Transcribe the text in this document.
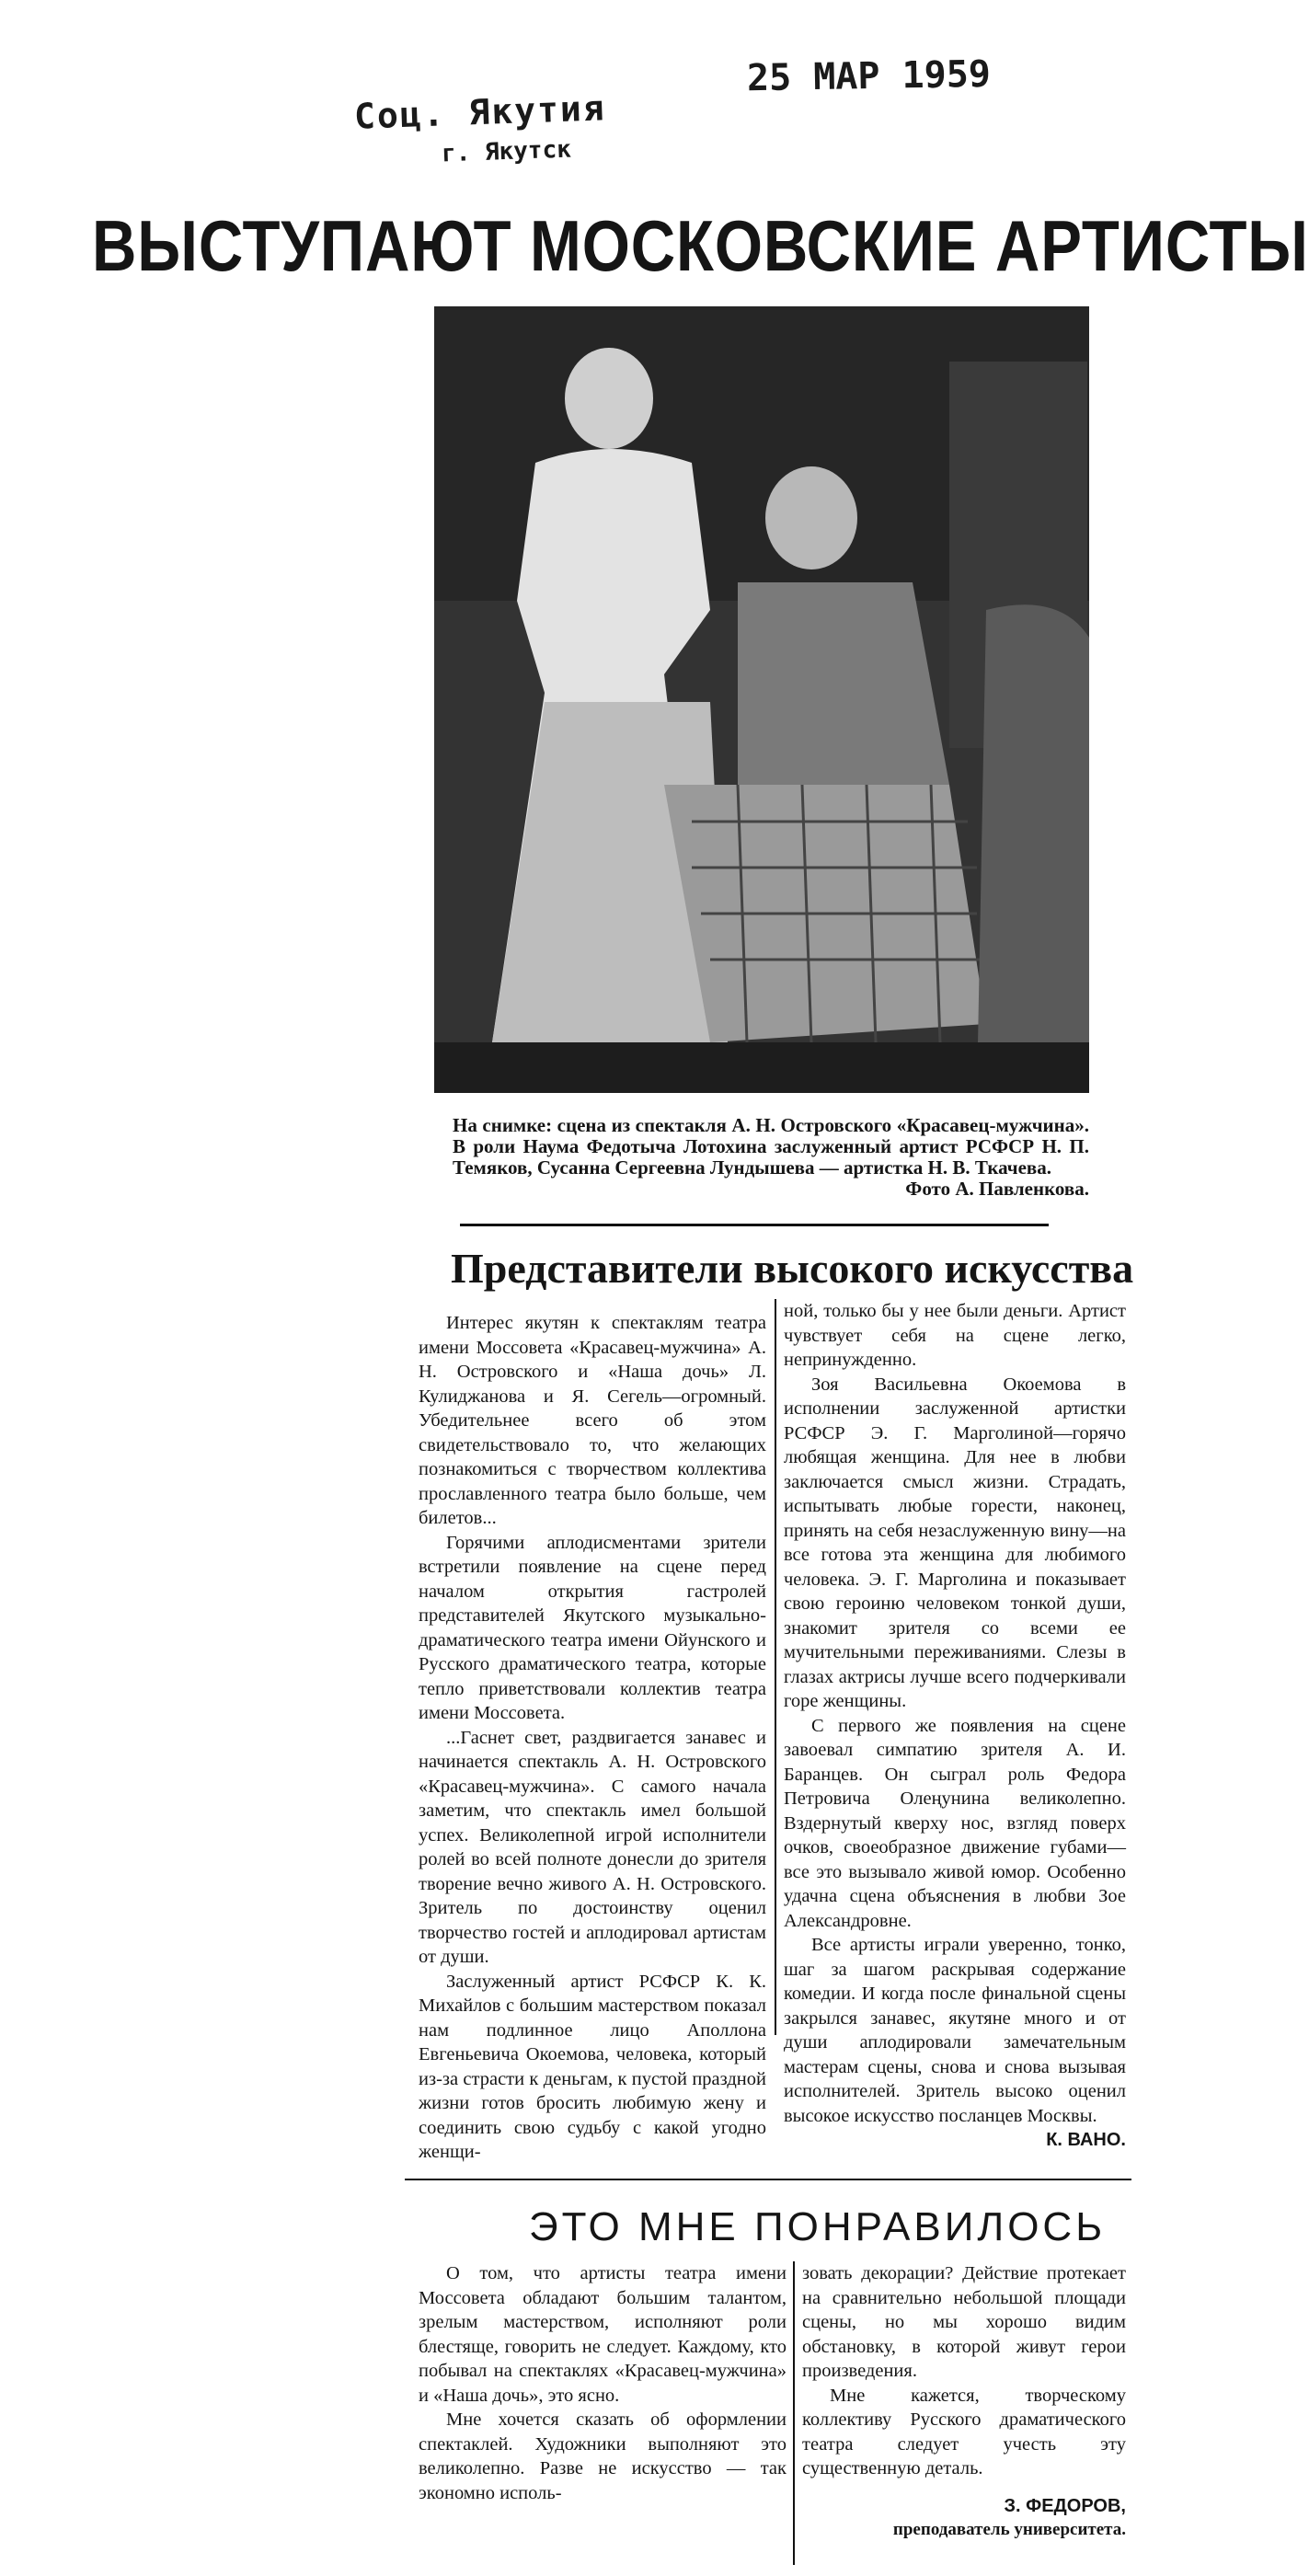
Соц. Якутия
г. Якутск
25 МАР 1959
ВЫСТУПАЮТ МОСКОВСКИЕ АРТИСТЫ
На снимке: сцена из спектакля А. Н. Островского «Красавец-мужчина». В роли Наума Федотыча Лотохина заслуженный артист РСФСР Н. П. Темяков, Сусанна Сергеевна Лундышева — артистка Н. В. Ткачева.
Фото А. Павленкова.
Представители высокого искусства

Интерес якутян к спектаклям театра имени Моссовета «Красавец-мужчина» А. Н. Островского и «Наша дочь» Л. Кулиджанова и Я. Сегель—огромный. Убедительнее всего об этом свидетельствовало то, что желающих познакомиться с творчеством коллектива прославленного театра было больше, чем билетов...

Горячими аплодисментами зрители встретили появление на сцене перед началом открытия гастролей представителей Якутского музыкально-драматического театра имени Ойунского и Русского драматического театра, которые тепло приветствовали коллектив театра имени Моссовета.

...Гаснет свет, раздвигается занавес и начинается спектакль А. Н. Островского «Красавец-мужчина». С самого начала заметим, что спектакль имел большой успех. Великолепной игрой исполнители ролей во всей полноте донесли до зрителя творение вечно живого А. Н. Островского. Зритель по достоинству оценил творчество гостей и аплодировал артистам от души.

Заслуженный артист РСФСР К. К. Михайлов с большим мастерством показал нам подлинное лицо Аполлона Евгеньевича Окоемова, человека, который из-за страсти к деньгам, к пустой праздной жизни готов бросить любимую жену и соединить свою судьбу с какой угодно женщи-

ной, только бы у нее были деньги. Артист чувствует себя на сцене легко, непринужденно.

Зоя Васильевна Окоемова в исполнении заслуженной артистки РСФСР Э. Г. Марголиной—горячо любящая женщина. Для нее в любви заключается смысл жизни. Страдать, испытывать любые горести, наконец, принять на себя незаслуженную вину—на все готова эта женщина для любимого человека. Э. Г. Марголина и показывает свою героиню человеком тонкой души, знакомит зрителя со всеми ее мучительными переживаниями. Слезы в глазах актрисы лучше всего подчеркивали горе женщины.

С первого же появления на сцене завоевал симпатию зрителя А. И. Баранцев. Он сыграл роль Федора Петровича Олеңунина великолепно. Вздернутый кверху нос, взгляд поверх очков, своеобразное движение губами—все это вызывало живой юмор. Особенно удачна сцена объяснения в любви Зое Александровне.

Все артисты играли уверенно, тонко, шаг за шагом раскрывая содержание комедии. И когда после финальной сцены закрылся занавес, якутяне много и от души аплодировали замечательным мастерам сцены, снова и снова вызывая исполнителей. Зритель высоко оценил высокое искусство посланцев Москвы.

К. ВАНО.
ЭТО МНЕ ПОНРАВИЛОСЬ

О том, что артисты театра имени Моссовета обладают большим талантом, зрелым мастерством, исполняют роли блестяще, говорить не следует. Каждому, кто побывал на спектаклях «Красавец-мужчина» и «Наша дочь», это ясно.

Мне хочется сказать об оформлении спектаклей. Художники выполняют это великолепно. Разве не искусство — так экономно исполь-

зовать декорации? Действие протекает на сравнительно небольшой площади сцены, но мы хорошо видим обстановку, в которой живут герои произведения.

Мне кажется, творческому коллективу Русского драматического театра следует учесть эту существенную деталь.

З. ФЕДОРОВ,
преподаватель университета.
